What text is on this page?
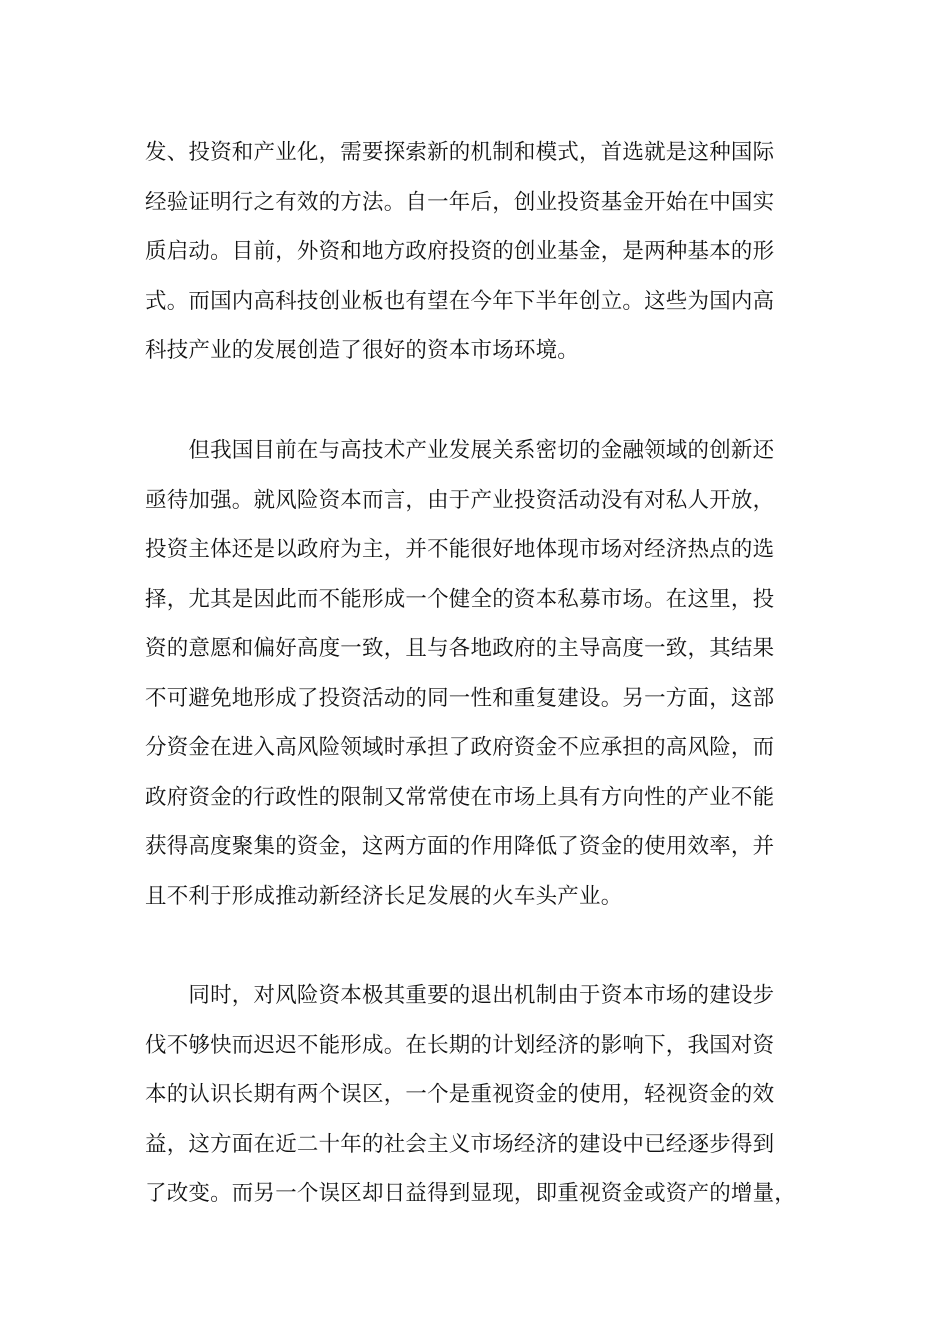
发、投资和产业化，需要探索新的机制和模式，首选就是这种国际
经验证明行之有效的方法。自一年后，创业投资基金开始在中国实
质启动。目前，外资和地方政府投资的创业基金，是两种基本的形
式。而国内高科技创业板也有望在今年下半年创立。这些为国内高
科技产业的发展创造了很好的资本市场环境。
　　但我国目前在与高技术产业发展关系密切的金融领域的创新还
亟待加强。就风险资本而言，由于产业投资活动没有对私人开放，
投资主体还是以政府为主，并不能很好地体现市场对经济热点的选
择，尤其是因此而不能形成一个健全的资本私募市场。在这里，投
资的意愿和偏好高度一致，且与各地政府的主导高度一致，其结果
不可避免地形成了投资活动的同一性和重复建设。另一方面，这部
分资金在进入高风险领域时承担了政府资金不应承担的高风险，而
政府资金的行政性的限制又常常使在市场上具有方向性的产业不能
获得高度聚集的资金，这两方面的作用降低了资金的使用效率，并
且不利于形成推动新经济长足发展的火车头产业。
　　同时，对风险资本极其重要的退出机制由于资本市场的建设步
伐不够快而迟迟不能形成。在长期的计划经济的影响下，我国对资
本的认识长期有两个误区，一个是重视资金的使用，轻视资金的效
益，这方面在近二十年的社会主义市场经济的建设中已经逐步得到
了改变。而另一个误区却日益得到显现，即重视资金或资产的增量，
